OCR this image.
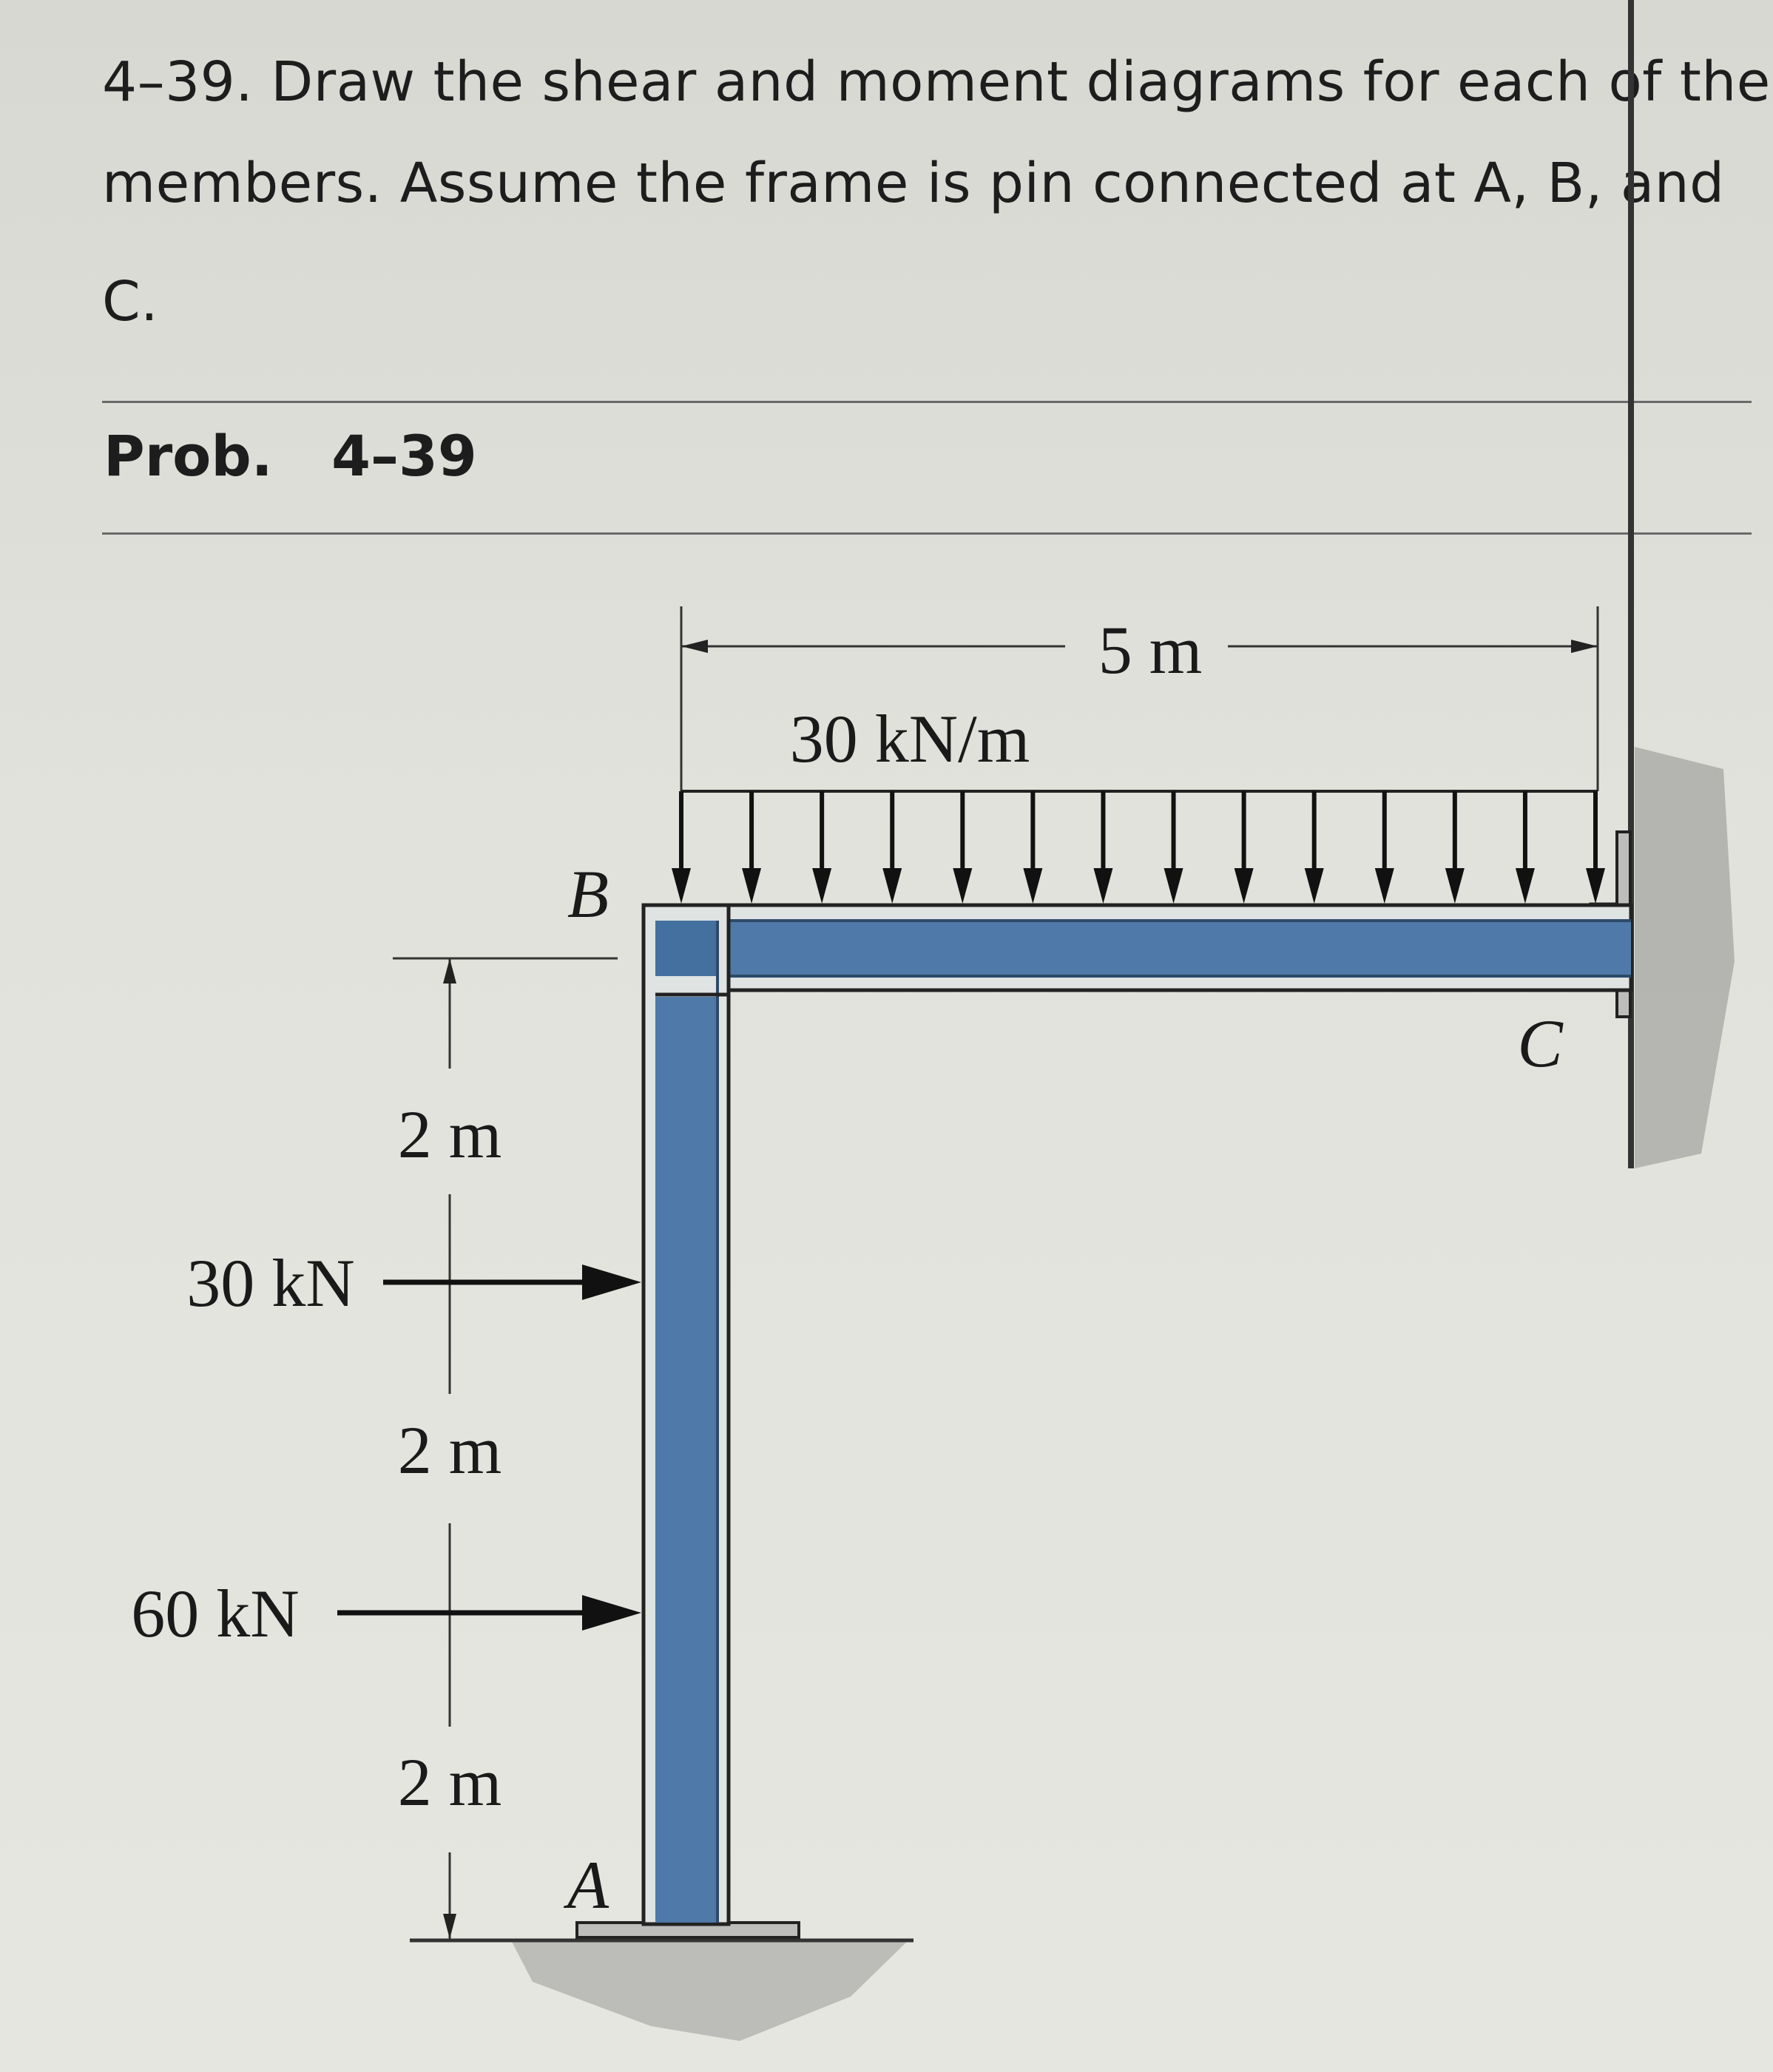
4–39. Draw the shear and moment diagrams for each of the
members. Assume the frame is pin connected at A, B, and
C.
Prob. 4–39
5 m
30 kN/m
B
C
A
2 m
2 m
2 m
30 kN
60 kN
